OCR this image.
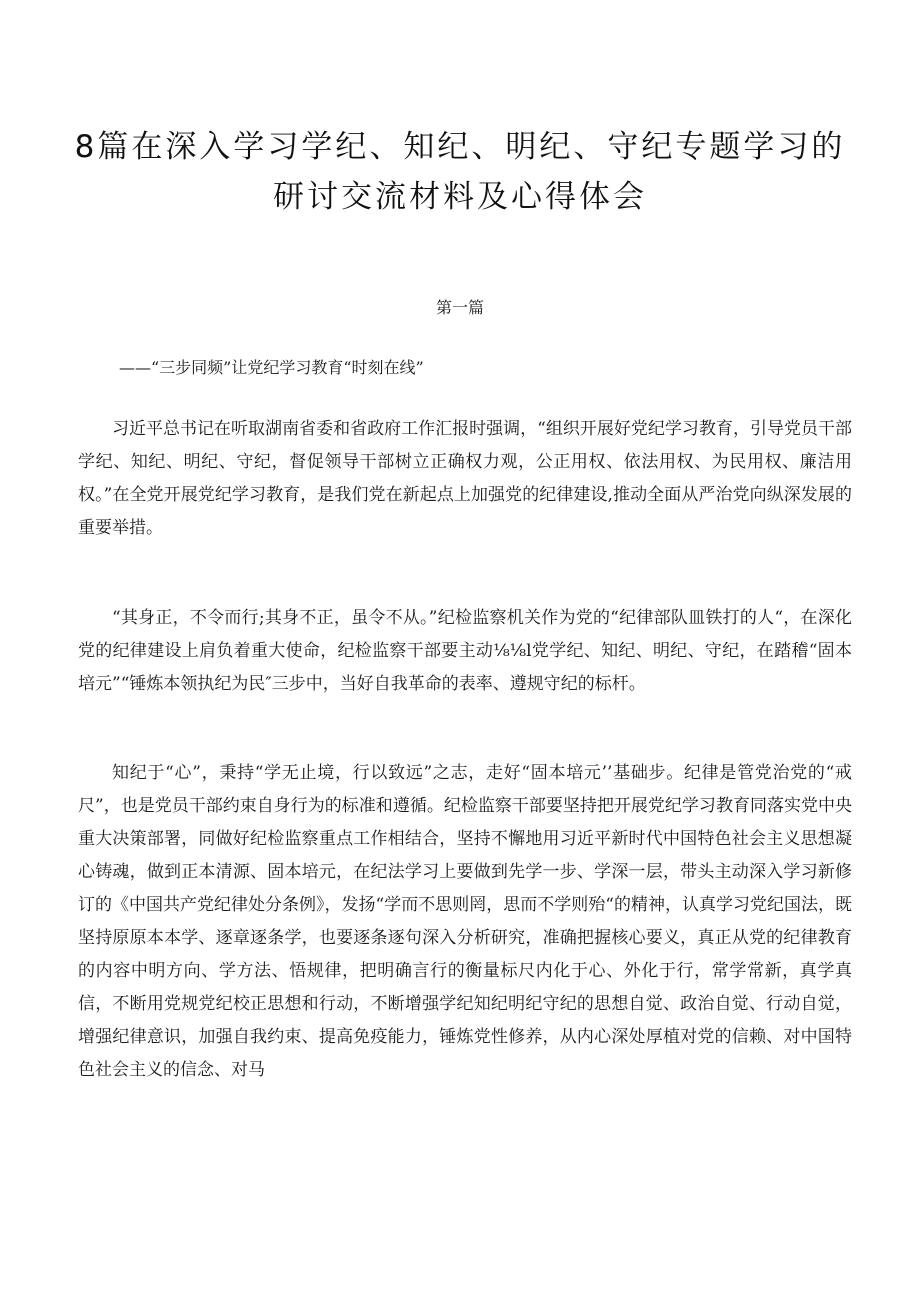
8篇在深入学习学纪、知纪、明纪、守纪专题学习的
研讨交流材料及心得体会
第一篇

——“三步同频”让党纪学习教育“时刻在线”

习近平总书记在听取湖南省委和省政府工作汇报时强调，“组织开展好党纪学习教育，引导党员干部学纪、知纪、明纪、守纪，督促领导干部树立正确权力观，公正用权、依法用权、为民用权、廉洁用权。”在全党开展党纪学习教育，是我们党在新起点上加强党的纪律建设,推动全面从严治党向纵深发展的重要举措。

“其身正，不令而行;其身不正，虽令不从。”纪检监察机关作为党的“纪律部队皿铁打的人“，在深化党的纪律建设上肩负着重大使命，纪检监察干部要主动⅛⅛l党学纪、知纪、明纪、守纪，在踏稽“固本培元”“锤炼本领执纪为民″三步中，当好自我革命的表率、遵规守纪的标杆。

知纪于“心”，秉持“学无止境，行以致远”之志，走好“固本培元’’基础步。纪律是管党治党的“戒尺”，也是党员干部约束自身行为的标准和遵循。纪检监察干部要坚持把开展党纪学习教育同落实党中央重大决策部署，同做好纪检监察重点工作相结合，坚持不懈地用习近平新时代中国特色社会主义思想凝心铸魂，做到正本清源、固本培元，在纪法学习上要做到先学一步、学深一层，带头主动深入学习新修订的《中国共产党纪律处分条例》，发扬“学而不思则罔，思而不学则殆“的精神，认真学习党纪国法，既坚持原原本本学、逐章逐条学，也要逐条逐句深入分析研究，准确把握核心要义，真正从党的纪律教育的内容中明方向、学方法、悟规律，把明确言行的衡量标尺内化于心、外化于行，常学常新，真学真信，不断用党规党纪校正思想和行动，不断增强学纪知纪明纪守纪的思想自觉、政治自觉、行动自觉，增强纪律意识，加强自我约束、提高免疫能力，锤炼党性修养，从内心深处厚植对党的信赖、对中国特色社会主义的信念、对马
